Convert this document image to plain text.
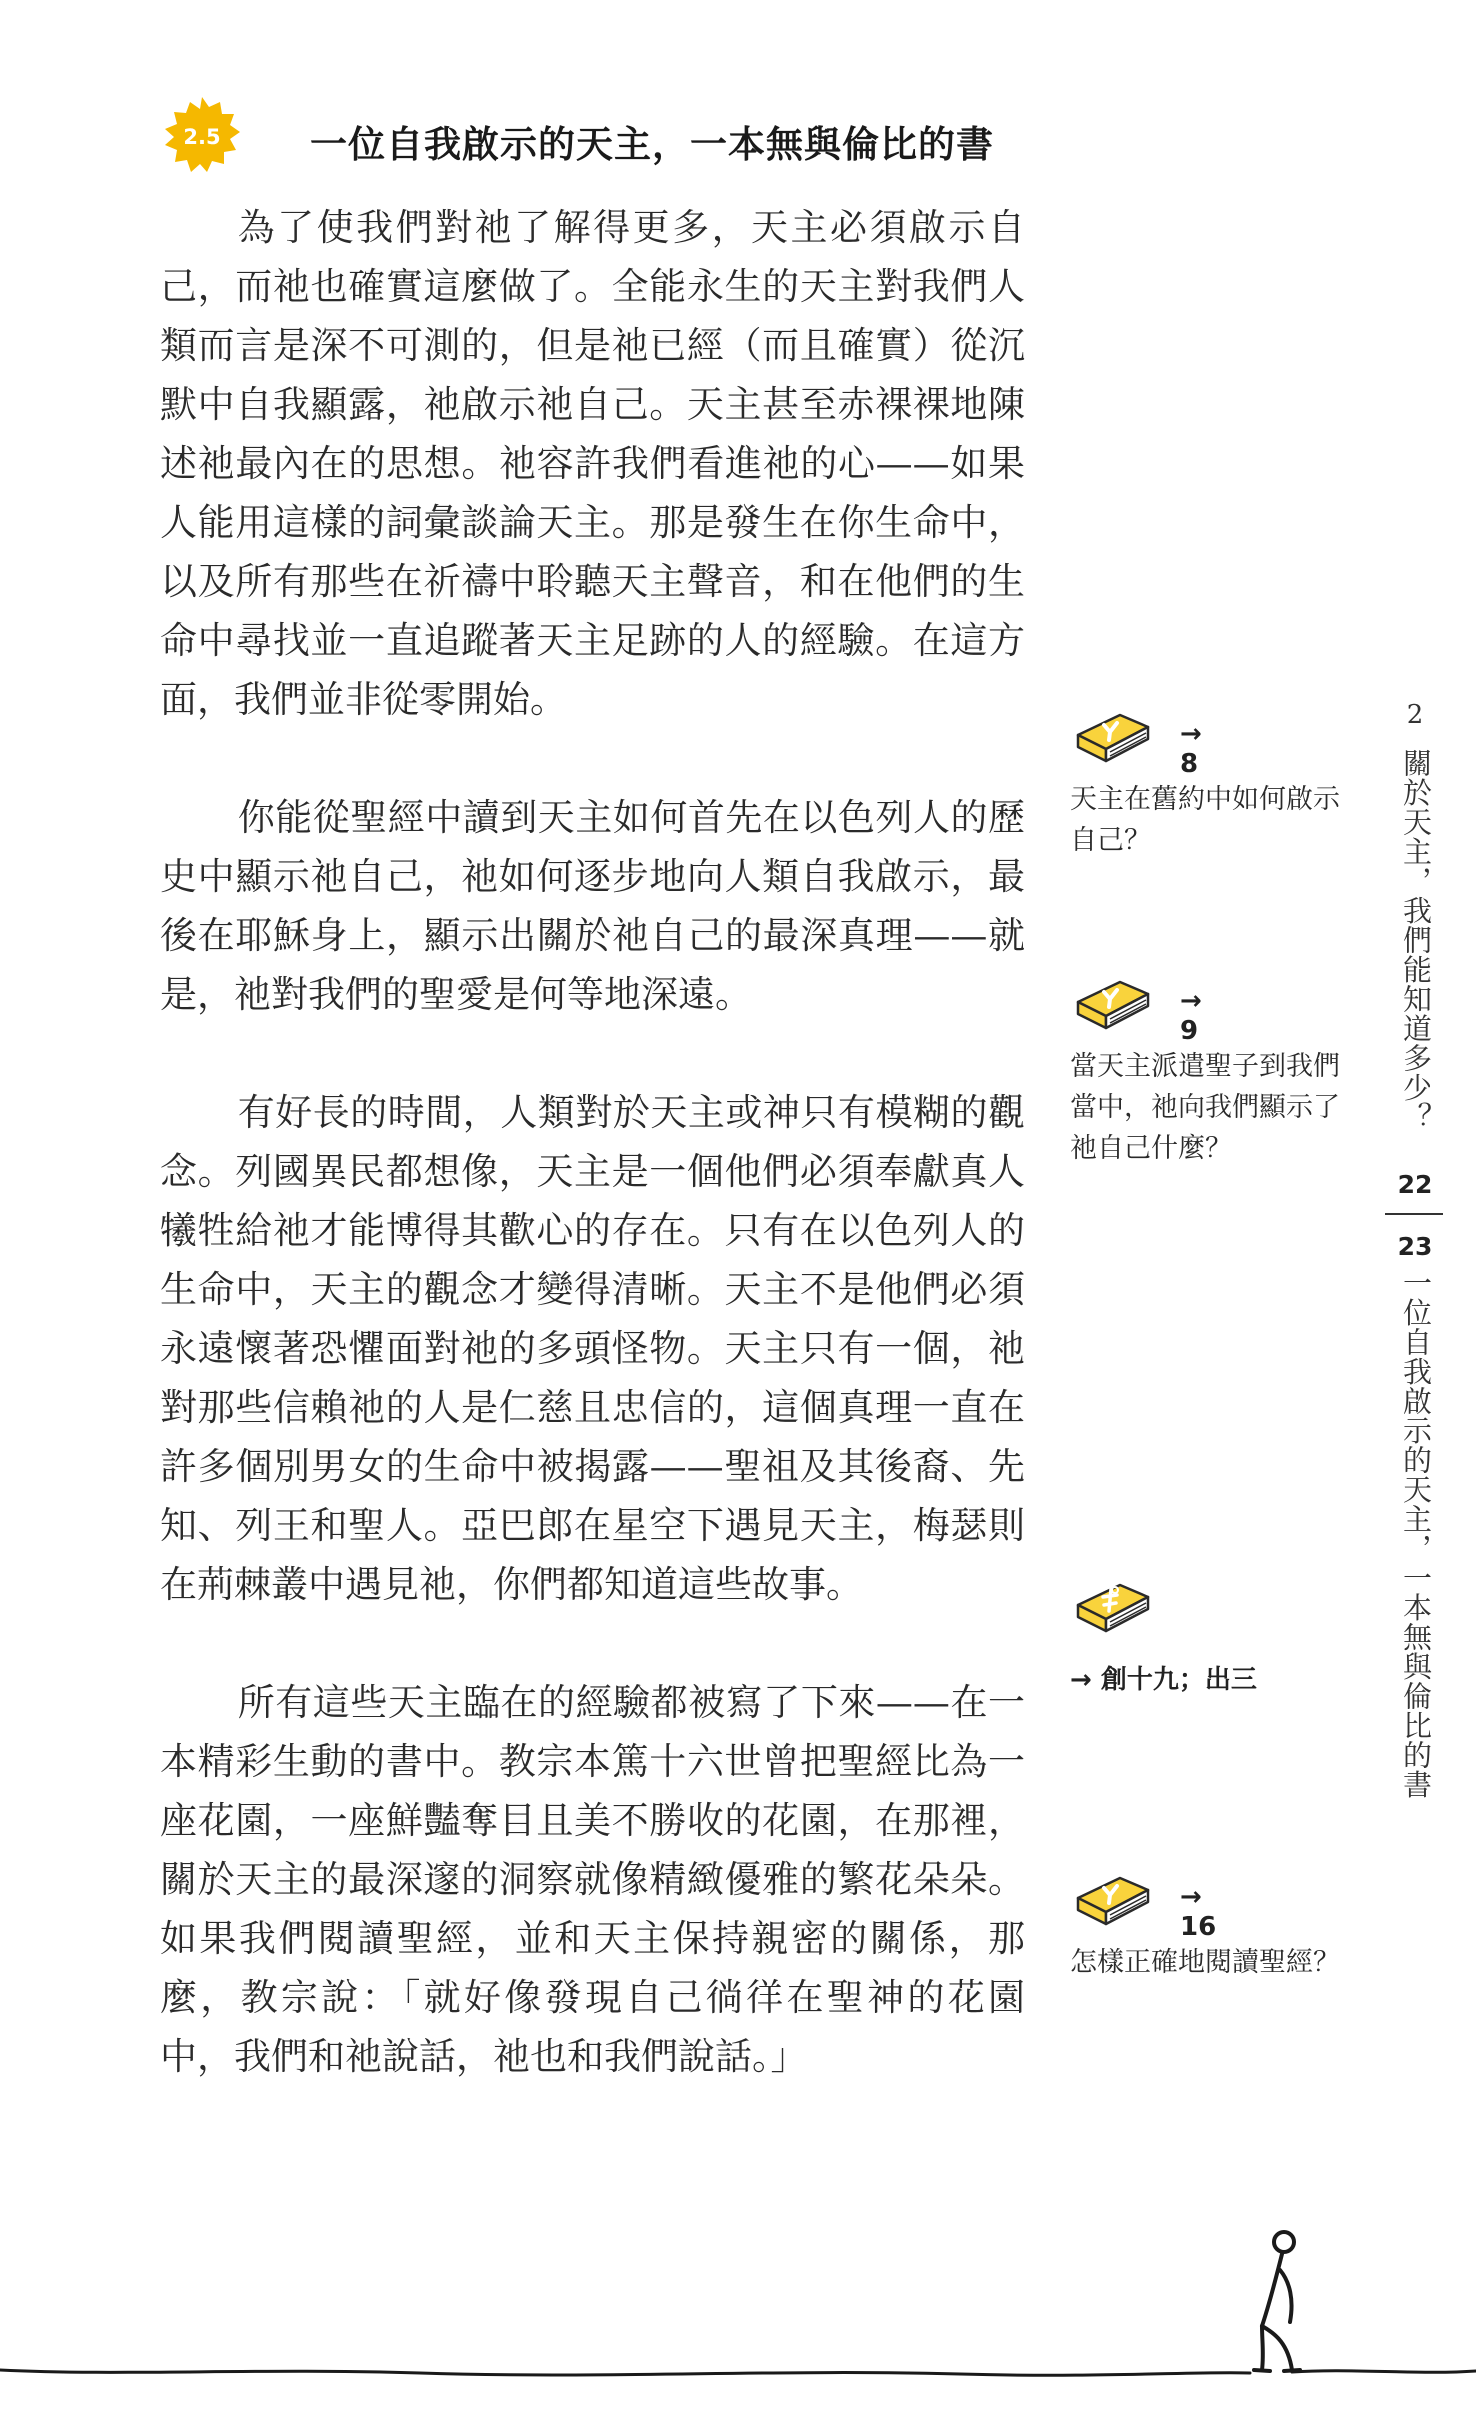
2.5	一位自我啟示的天主，一本無與倫比的書

為了使我們對祂了解得更多，天主必須啟示自己，而祂也確實這麼做了。全能永生的天主對我們人類而言是深不可測的，但是祂已經（而且確實）從沉默中自我顯露，祂啟示祂自己。天主甚至赤裸裸地陳述祂最內在的思想。祂容許我們看進祂的心——如果人能用這樣的詞彙談論天主。那是發生在你生命中，以及所有那些在祈禱中聆聽天主聲音，和在他們的生命中尋找並一直追蹤著天主足跡的人的經驗。在這方面，我們並非從零開始。

你能從聖經中讀到天主如何首先在以色列人的歷史中顯示祂自己，祂如何逐步地向人類自我啟示，最後在耶穌身上，顯示出關於祂自己的最深真理——就是，祂對我們的聖愛是何等地深遠。

有好長的時間，人類對於天主或神只有模糊的觀念。列國異民都想像，天主是一個他們必須奉獻真人犧牲給祂才能博得其歡心的存在。只有在以色列人的生命中，天主的觀念才變得清晰。天主不是他們必須永遠懷著恐懼面對祂的多頭怪物。天主只有一個，祂對那些信賴祂的人是仁慈且忠信的，這個真理一直在許多個別男女的生命中被揭露——聖祖及其後裔、先知、列王和聖人。亞巴郎在星空下遇見天主，梅瑟則在荊棘叢中遇見祂，你們都知道這些故事。

所有這些天主臨在的經驗都被寫了下來——在一本精彩生動的書中。教宗本篤十六世曾把聖經比為一座花園，一座鮮豔奪目且美不勝收的花園，在那裡，關於天主的最深邃的洞察就像精緻優雅的繁花朵朵。如果我們閱讀聖經，並和天主保持親密的關係，那麼，教宗說：「就好像發現自己徜徉在聖神的花園中，我們和祂說話，祂也和我們說話。」

→ 8
天主在舊約中如何啟示自己？
→ 9
當天主派遣聖子到我們當中，祂向我們顯示了祂自己什麼？
→ 創十九；出三
→ 16
怎樣正確地閱讀聖經？
2
關於天主，我們能知道多少？
22
23
一位自我啟示的天主，一本無與倫比的書
